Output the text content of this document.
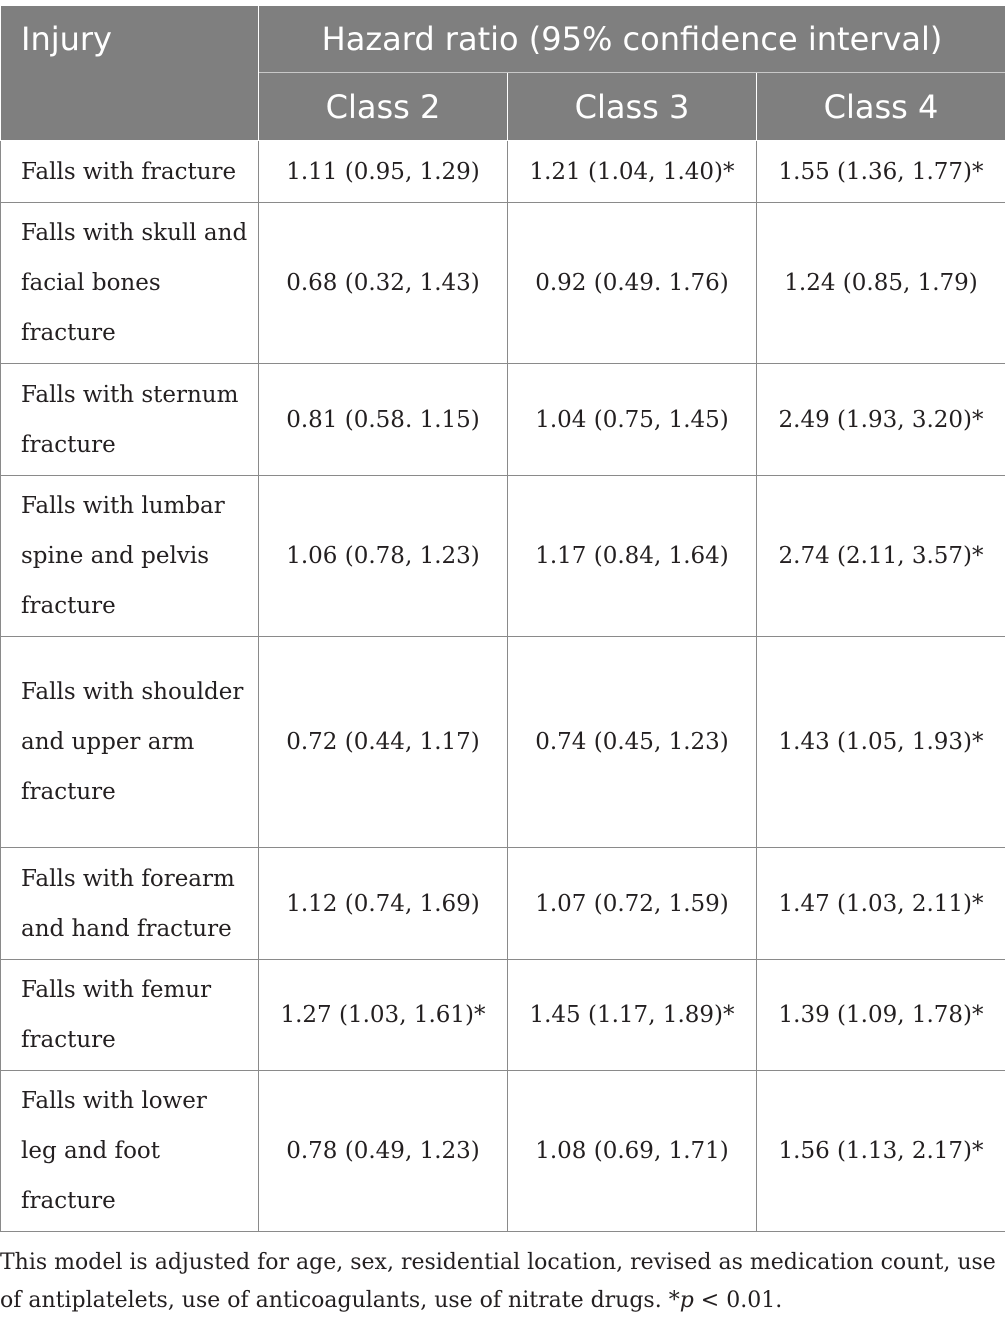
Injury	Hazard ratio (95% confidence interval)		
	Class 2	Class 3	Class 4
Falls with fracture	1.11 (0.95, 1.29)	1.21 (1.04, 1.40)*	1.55 (1.36, 1.77)*
Falls with skull and facial bones fracture	0.68 (0.32, 1.43)	0.92 (0.49. 1.76)	1.24 (0.85, 1.79)
Falls with sternum fracture	0.81 (0.58. 1.15)	1.04 (0.75, 1.45)	2.49 (1.93, 3.20)*
Falls with lumbar spine and pelvis fracture	1.06 (0.78, 1.23)	1.17 (0.84, 1.64)	2.74 (2.11, 3.57)*
Falls with shoulder and upper arm fracture	0.72 (0.44, 1.17)	0.74 (0.45, 1.23)	1.43 (1.05, 1.93)*
Falls with forearm and hand fracture	1.12 (0.74, 1.69)	1.07 (0.72, 1.59)	1.47 (1.03, 2.11)*
Falls with femur fracture	1.27 (1.03, 1.61)*	1.45 (1.17, 1.89)*	1.39 (1.09, 1.78)*
Falls with lower leg and foot fracture	0.78 (0.49, 1.23)	1.08 (0.69, 1.71)	1.56 (1.13, 2.17)*
This model is adjusted for age, sex, residential location, revised as medication count, use of antiplatelets, use of anticoagulants, use of nitrate drugs. *p < 0.01.
